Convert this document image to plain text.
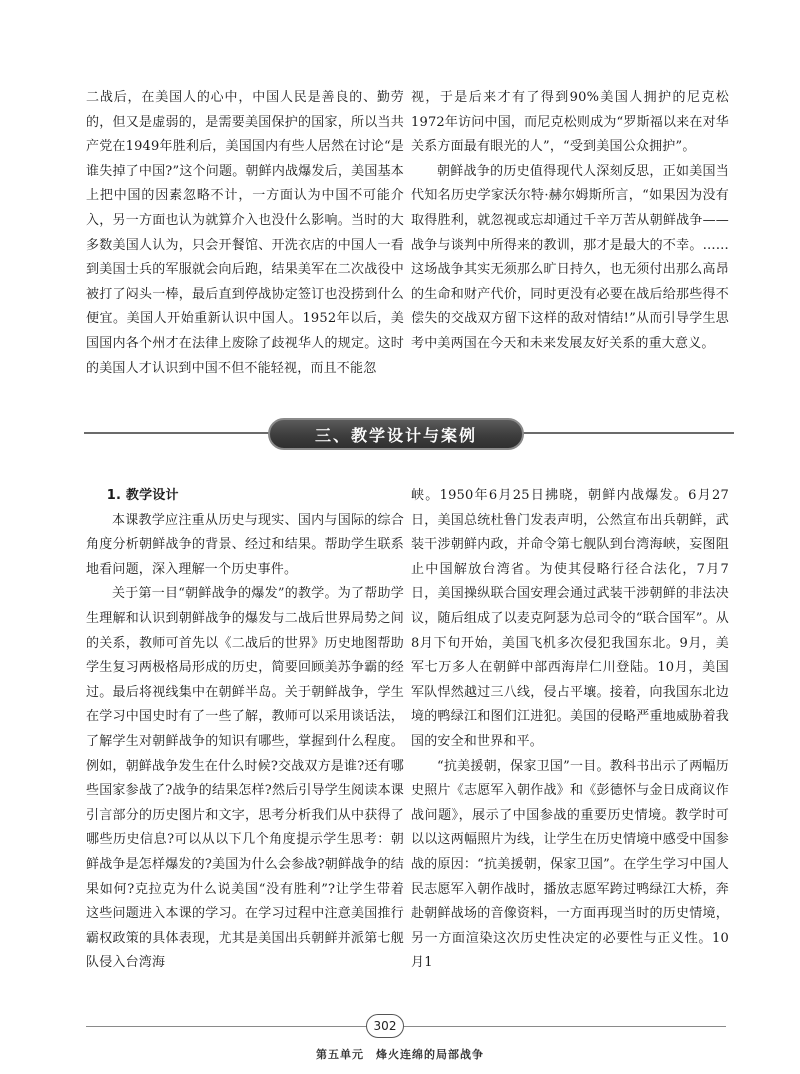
二战后，在美国人的心中，中国人民是善良的、勤劳的，但又是虚弱的，是需要美国保护的国家，所以当共产党在1949年胜利后，美国国内有些人居然在讨论“是谁失掉了中国?”这个问题。朝鲜内战爆发后，美国基本上把中国的因素忽略不计，一方面认为中国不可能介入，另一方面也认为就算介入也没什么影响。当时的大多数美国人认为，只会开餐馆、开洗衣店的中国人一看到美国士兵的军服就会向后跑，结果美军在二次战役中被打了闷头一棒，最后直到停战协定签订也没捞到什么便宜。美国人开始重新认识中国人。1952年以后，美国国内各个州才在法律上废除了歧视华人的规定。这时的美国人才认识到中国不但不能轻视，而且不能忽

视，于是后来才有了得到90%美国人拥护的尼克松1972年访问中国，而尼克松则成为“罗斯福以来在对华关系方面最有眼光的人”，“受到美国公众拥护”。

朝鲜战争的历史值得现代人深刻反思，正如美国当代知名历史学家沃尔特·赫尔姆斯所言，“如果因为没有取得胜利，就忽视或忘却通过千辛万苦从朝鲜战争——战争与谈判中所得来的教训，那才是最大的不幸。……这场战争其实无须那么旷日持久，也无须付出那么高昂的生命和财产代价，同时更没有必要在战后给那些得不偿失的交战双方留下这样的敌对情结!”从而引导学生思考中美两国在今天和未来发展友好关系的重大意义。

三、教学设计与案例

1. 教学设计

本课教学应注重从历史与现实、国内与国际的综合角度分析朝鲜战争的背景、经过和结果。帮助学生联系地看问题，深入理解一个历史事件。

关于第一目“朝鲜战争的爆发”的教学。为了帮助学生理解和认识到朝鲜战争的爆发与二战后世界局势之间的关系，教师可首先以《二战后的世界》历史地图帮助学生复习两极格局形成的历史，简要回顾美苏争霸的经过。最后将视线集中在朝鲜半岛。关于朝鲜战争，学生在学习中国史时有了一些了解，教师可以采用谈话法，了解学生对朝鲜战争的知识有哪些，掌握到什么程度。例如，朝鲜战争发生在什么时候?交战双方是谁?还有哪些国家参战了?战争的结果怎样?然后引导学生阅读本课引言部分的历史图片和文字，思考分析我们从中获得了哪些历史信息?可以从以下几个角度提示学生思考：朝鲜战争是怎样爆发的?美国为什么会参战?朝鲜战争的结果如何?克拉克为什么说美国“没有胜利”?让学生带着这些问题进入本课的学习。在学习过程中注意美国推行霸权政策的具体表现，尤其是美国出兵朝鲜并派第七舰队侵入台湾海

峡。1950年6月25日拂晓，朝鲜内战爆发。6月27日，美国总统杜鲁门发表声明，公然宣布出兵朝鲜，武装干涉朝鲜内政，并命令第七舰队到台湾海峡，妄图阻止中国解放台湾省。为使其侵略行径合法化，7月7日，美国操纵联合国安理会通过武装干涉朝鲜的非法决议，随后组成了以麦克阿瑟为总司令的“联合国军”。从8月下旬开始，美国飞机多次侵犯我国东北。9月，美军七万多人在朝鲜中部西海岸仁川登陆。10月，美国军队悍然越过三八线，侵占平壤。接着，向我国东北边境的鸭绿江和图们江进犯。美国的侵略严重地威胁着我国的安全和世界和平。

“抗美援朝，保家卫国”一目。教科书出示了两幅历史照片《志愿军入朝作战》和《彭德怀与金日成商议作战问题》，展示了中国参战的重要历史情境。教学时可以以这两幅照片为线，让学生在历史情境中感受中国参战的原因：“抗美援朝，保家卫国”。在学生学习中国人民志愿军入朝作战时，播放志愿军跨过鸭绿江大桥，奔赴朝鲜战场的音像资料，一方面再现当时的历史情境，另一方面渲染这次历史性决定的必要性与正义性。10月1

302
第五单元　烽火连绵的局部战争
